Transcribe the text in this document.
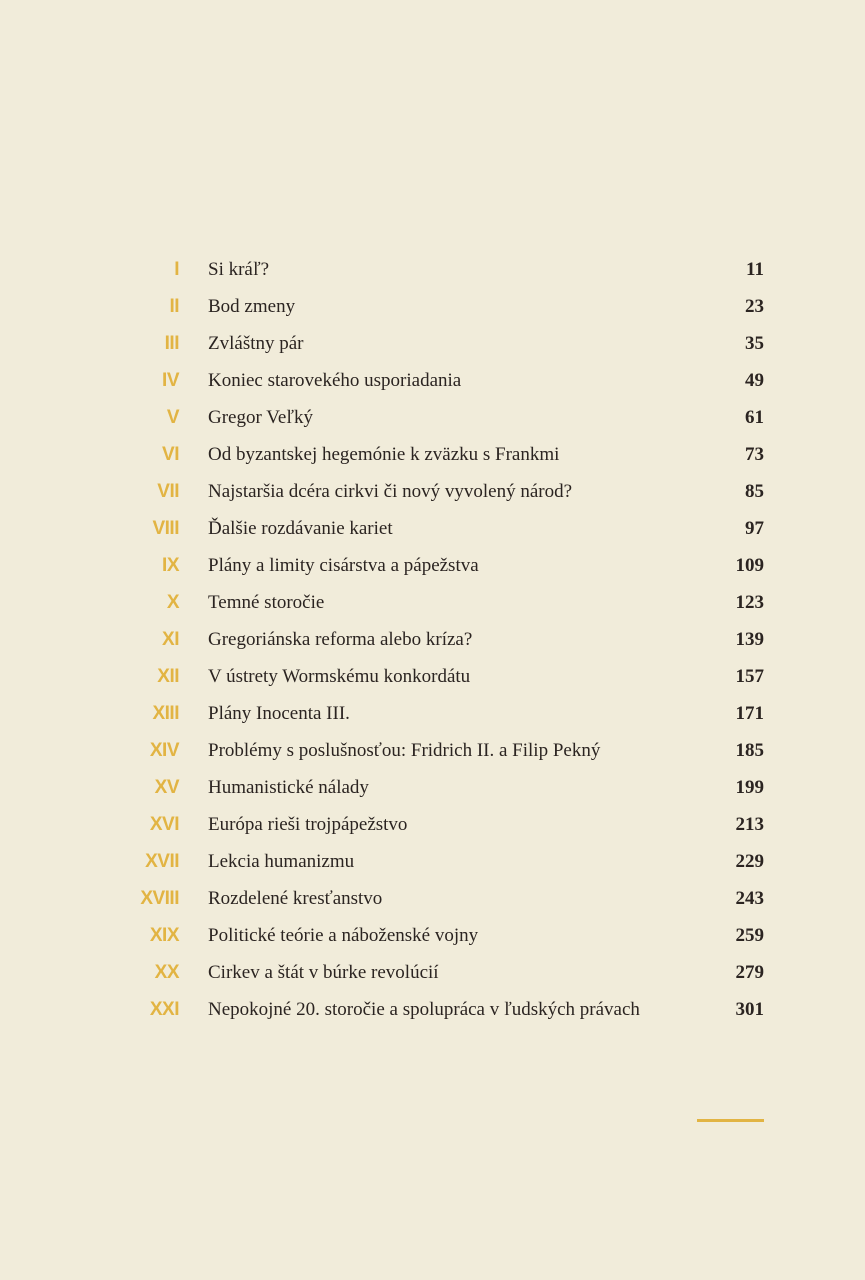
I Si kráľ?	11
II Bod zmeny	23
III Zvláštny pár	35
IV Koniec starovekého usporiadania	49
V Gregor Veľký	61
VI Od byzantskej hegemónie k zväzku s Frankmi	73
VII Najstaršia dcéra cirkvi či nový vyvolený národ?	85
VIII Ďalšie rozdávanie kariet	97
IX Plány a limity cisárstva a pápežstva	109
X Temné storočie	123
XI Gregoriánska reforma alebo kríza?	139
XII V ústrety Wormskému konkordátu	157
XIII Plány Inocenta III.	171
XIV Problémy s poslušnosťou: Fridrich II. a Filip Pekný	185
XV Humanistické nálady	199
XVI Európa rieši trojpápežstvo	213
XVII Lekcia humanizmu	229
XVIII Rozdelené kresťanstvo	243
XIX Politické teórie a náboženské vojny	259
XX Cirkev a štát v búrke revolúcií	279
XXI Nepokojné 20. storočie a spolupráca v ľudských právach	301
